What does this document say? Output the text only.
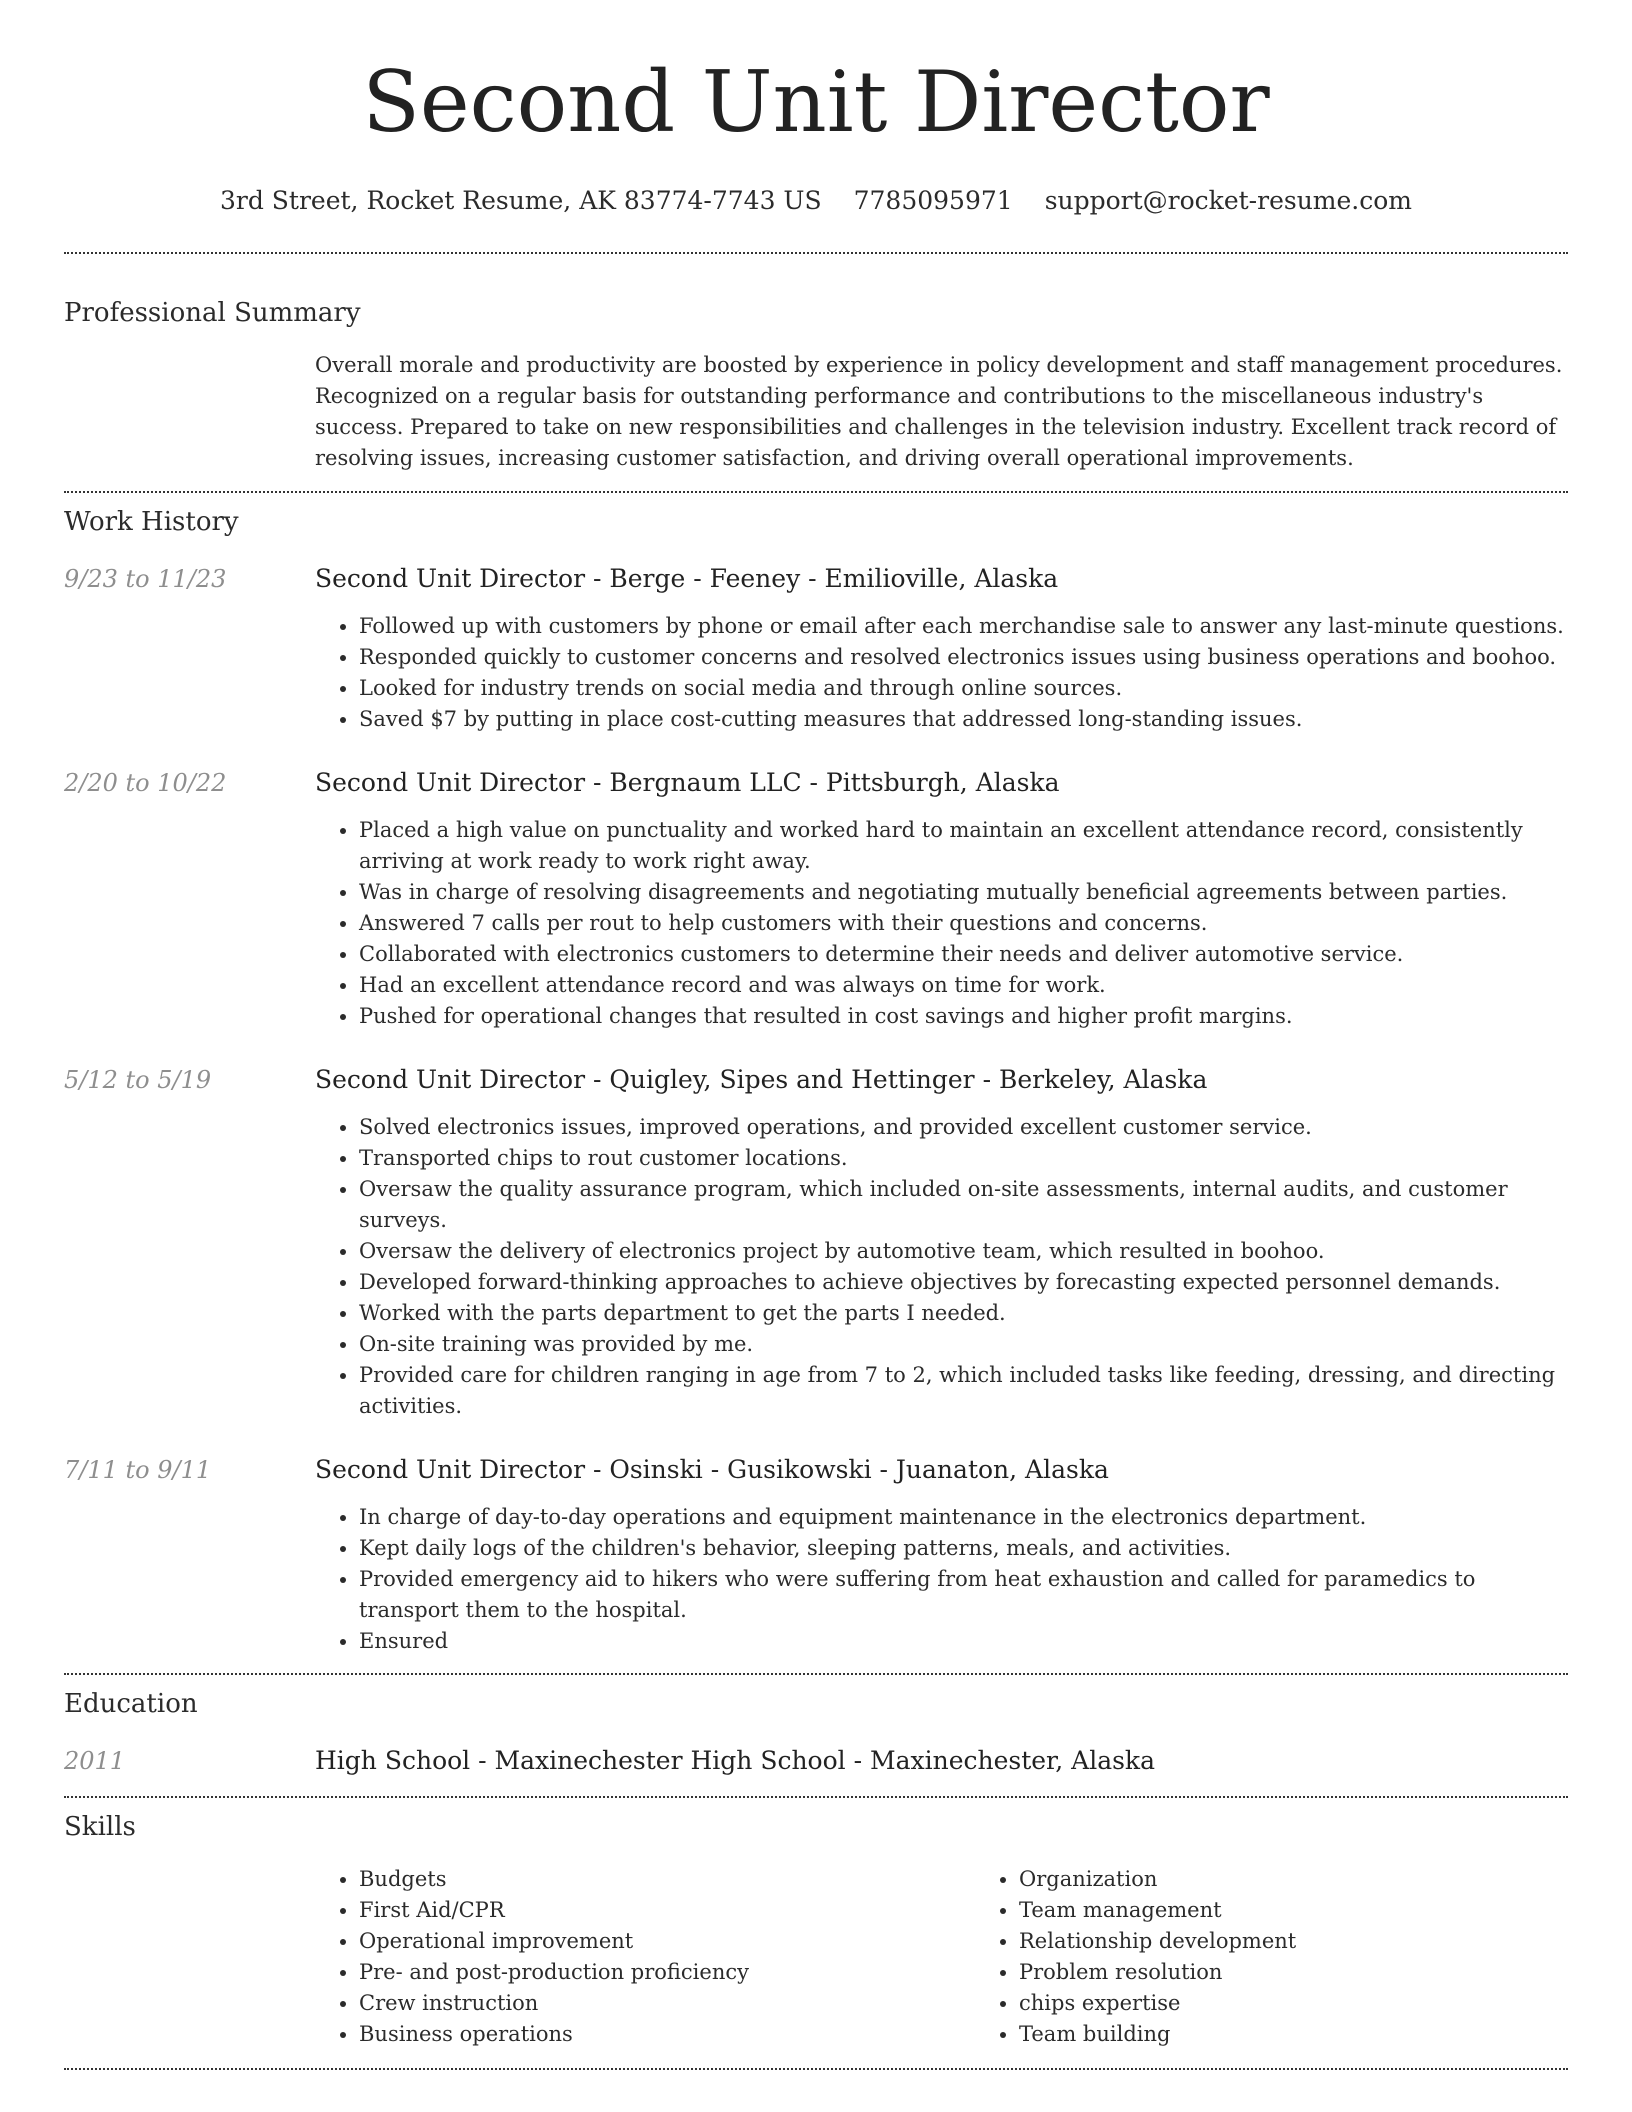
Second Unit Director
3rd Street, Rocket Resume, AK 83774-7743 US 7785095971 support@rocket-resume.com
Professional Summary

Overall morale and productivity are boosted by experience in policy development and staff management procedures. Recognized on a regular basis for outstanding performance and contributions to the miscellaneous industry's success. Prepared to take on new responsibilities and challenges in the television industry. Excellent track record of resolving issues, increasing customer satisfaction, and driving overall operational improvements.

Work History
9/23 to 11/23	Second Unit Director - Berge - Feeney - Emilioville, Alaska
• Followed up with customers by phone or email after each merchandise sale to answer any last-minute questions.
• Responded quickly to customer concerns and resolved electronics issues using business operations and boohoo.
• Looked for industry trends on social media and through online sources.
• Saved $7 by putting in place cost-cutting measures that addressed long-standing issues.
2/20 to 10/22	Second Unit Director - Bergnaum LLC - Pittsburgh, Alaska
• Placed a high value on punctuality and worked hard to maintain an excellent attendance record, consistently arriving at work ready to work right away.
• Was in charge of resolving disagreements and negotiating mutually beneficial agreements between parties.
• Answered 7 calls per rout to help customers with their questions and concerns.
• Collaborated with electronics customers to determine their needs and deliver automotive service.
• Had an excellent attendance record and was always on time for work.
• Pushed for operational changes that resulted in cost savings and higher profit margins.
5/12 to 5/19	Second Unit Director - Quigley, Sipes and Hettinger - Berkeley, Alaska
• Solved electronics issues, improved operations, and provided excellent customer service.
• Transported chips to rout customer locations.
• Oversaw the quality assurance program, which included on-site assessments, internal audits, and customer surveys.
• Oversaw the delivery of electronics project by automotive team, which resulted in boohoo.
• Developed forward-thinking approaches to achieve objectives by forecasting expected personnel demands.
• Worked with the parts department to get the parts I needed.
• On-site training was provided by me.
• Provided care for children ranging in age from 7 to 2, which included tasks like feeding, dressing, and directing activities.
7/11 to 9/11	Second Unit Director - Osinski - Gusikowski - Juanaton, Alaska
• In charge of day-to-day operations and equipment maintenance in the electronics department.
• Kept daily logs of the children's behavior, sleeping patterns, meals, and activities.
• Provided emergency aid to hikers who were suffering from heat exhaustion and called for paramedics to transport them to the hospital.
• Ensured
Education
2011	High School - Maxinechester High School - Maxinechester, Alaska
Skills
• Budgets
• First Aid/CPR
• Operational improvement
• Pre- and post-production proficiency
• Crew instruction
• Business operations
• Organization
• Team management
• Relationship development
• Problem resolution
• chips expertise
• Team building
